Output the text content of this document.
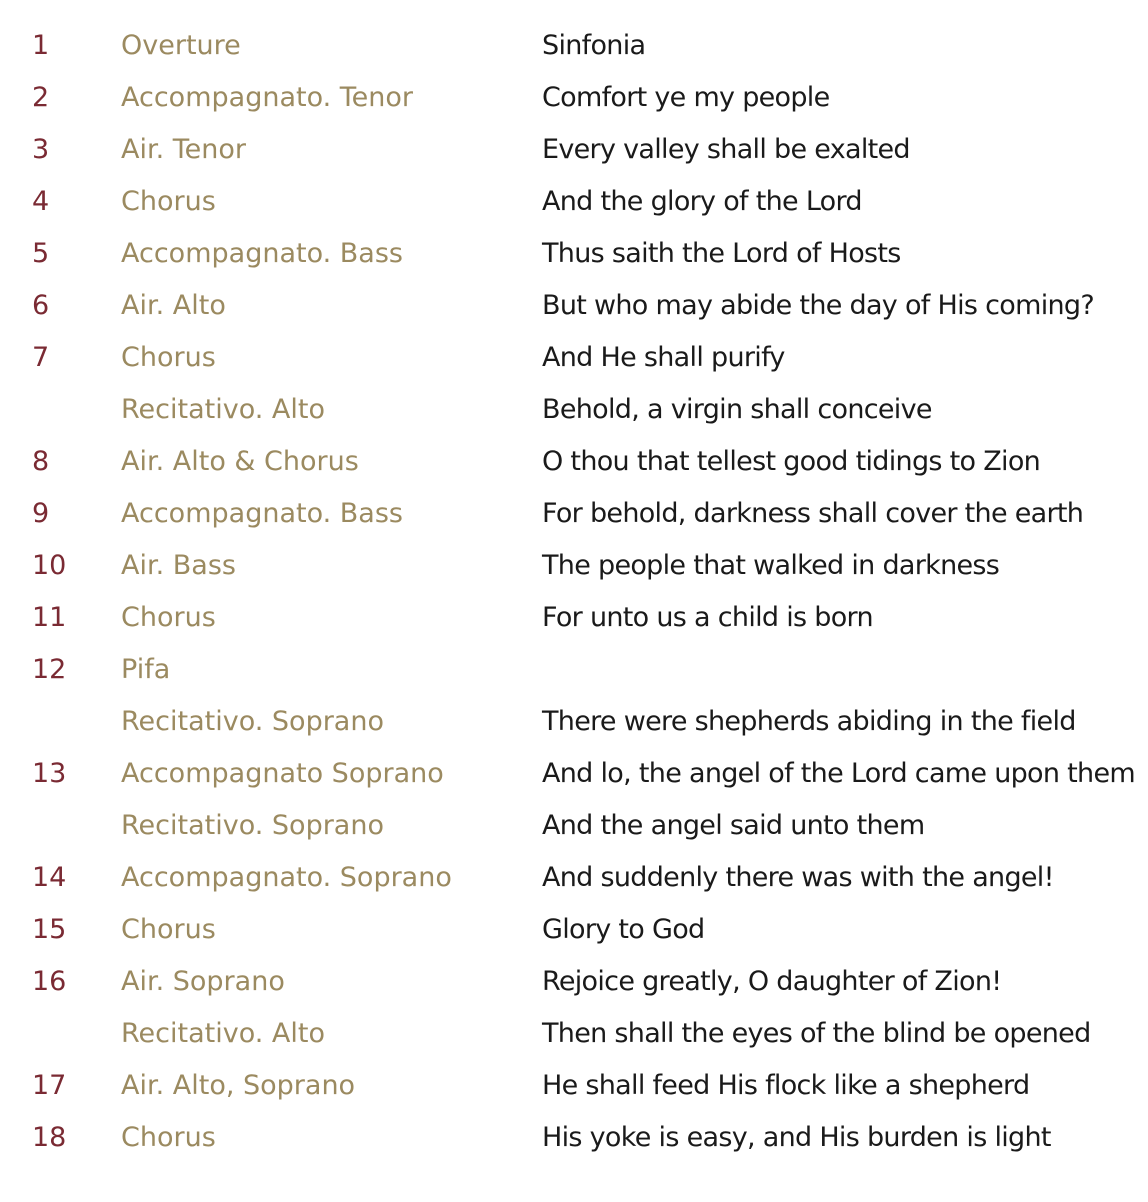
1	Overture	Sinfonia
2	Accompagnato. Tenor	Comfort ye my people
3	Air. Tenor	Every valley shall be exalted
4	Chorus	And the glory of the Lord
5	Accompagnato. Bass	Thus saith the Lord of Hosts
6	Air. Alto	But who may abide the day of His coming?
7	Chorus	And He shall purify
Recitativo. Alto	Behold, a virgin shall conceive
8	Air. Alto & Chorus	O thou that tellest good tidings to Zion
9	Accompagnato. Bass	For behold, darkness shall cover the earth
10 Air. Bass	The people that walked in darkness
11 Chorus	For unto us a child is born
12 Pifa
Recitativo. Soprano	There were shepherds abiding in the field
13 Accompagnato Soprano	And lo, the angel of the Lord came upon them
Recitativo. Soprano	And the angel said unto them
14 Accompagnato. Soprano	And suddenly there was with the angel!
15 Chorus	Glory to God
16 Air. Soprano	Rejoice greatly, O daughter of Zion!
Recitativo. Alto	Then shall the eyes of the blind be opened
17 Air. Alto, Soprano	He shall feed His flock like a shepherd
18 Chorus	His yoke is easy, and His burden is light
